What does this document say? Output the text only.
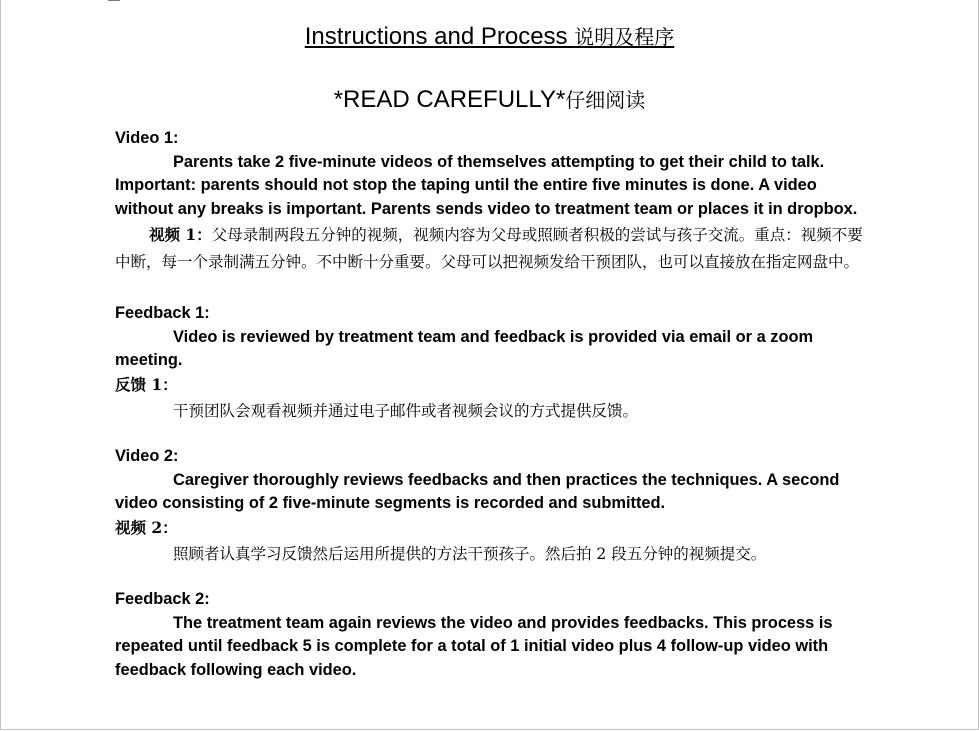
Instructions and Process 说明及程序
*READ CAREFULLY*仔细阅读

Video 1:

Parents take 2 five-minute videos of themselves attempting to get their child to talk. Important: parents should not stop the taping until the entire five minutes is done. A video without any breaks is important. Parents sends video to treatment team or places it in dropbox.

视频 1：父母录制两段五分钟的视频，视频内容为父母或照顾者积极的尝试与孩子交流。重点：视频不要中断，每一个录制满五分钟。不中断十分重要。父母可以把视频发给干预团队，也可以直接放在指定网盘中。

Feedback 1:

Video is reviewed by treatment team and feedback is provided via email or a zoom meeting.

反馈 1：

干预团队会观看视频并通过电子邮件或者视频会议的方式提供反馈。

Video 2:

Caregiver thoroughly reviews feedbacks and then practices the techniques. A second video consisting of 2 five-minute segments is recorded and submitted.

视频 2：

照顾者认真学习反馈然后运用所提供的方法干预孩子。然后拍 2 段五分钟的视频提交。

Feedback 2:

The treatment team again reviews the video and provides feedbacks. This process is repeated until feedback 5 is complete for a total of 1 initial video plus 4 follow-up video with feedback following each video.
